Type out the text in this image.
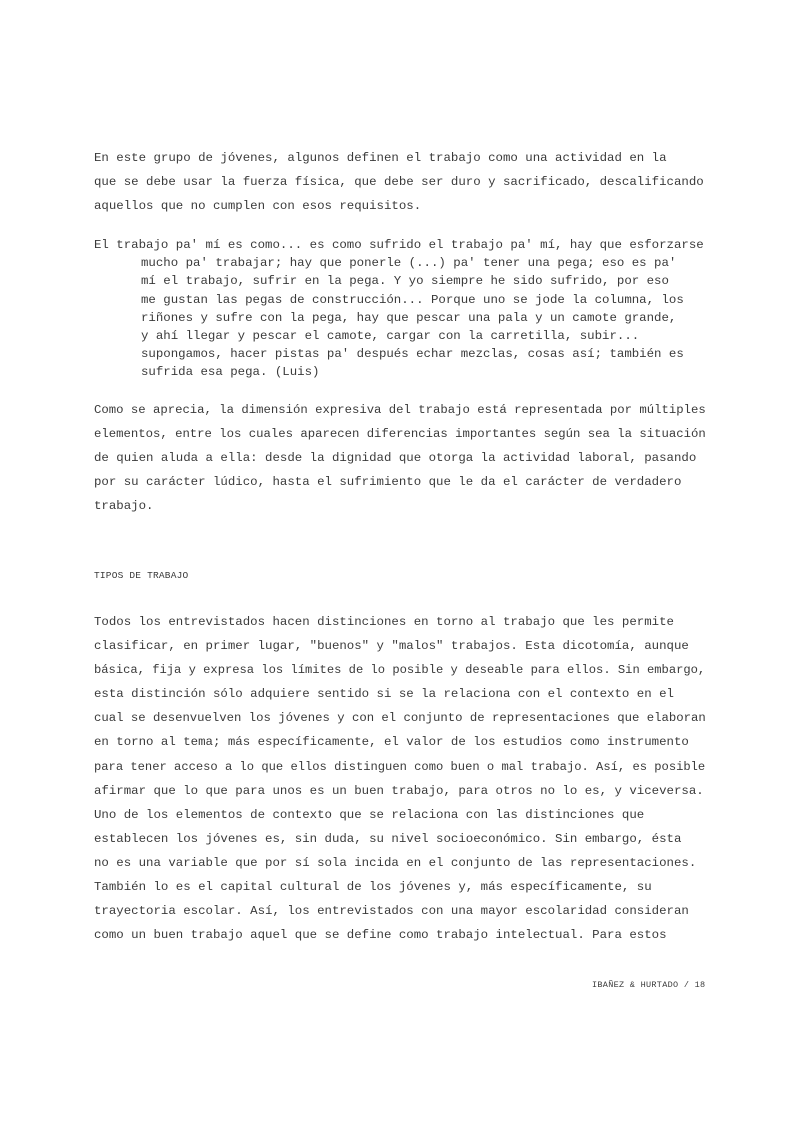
En este grupo de jóvenes, algunos definen el trabajo como una actividad en la
que se debe usar la fuerza física, que debe ser duro y sacrificado, descalificando
aquellos que no cumplen con esos requisitos.
El trabajo pa' mí es como... es como sufrido el trabajo pa' mí, hay que esforzarse
mucho pa' trabajar; hay que ponerle (...) pa' tener una pega; eso es pa'
mí el trabajo, sufrir en la pega. Y yo siempre he sido sufrido, por eso
me gustan las pegas de construcción... Porque uno se jode la columna, los
riñones y sufre con la pega, hay que pescar una pala y un camote grande,
y ahí llegar y pescar el camote, cargar con la carretilla, subir...
supongamos, hacer pistas pa' después echar mezclas, cosas así; también es
sufrida esa pega. (Luis)
Como se aprecia, la dimensión expresiva del trabajo está representada por múltiples
elementos, entre los cuales aparecen diferencias importantes según sea la situación
de quien aluda a ella: desde la dignidad que otorga la actividad laboral, pasando
por su carácter lúdico, hasta el sufrimiento que le da el carácter de verdadero
trabajo.
TIPOS DE TRABAJO
Todos los entrevistados hacen distinciones en torno al trabajo que les permite
clasificar, en primer lugar, "buenos" y "malos" trabajos. Esta dicotomía, aunque
básica, fija y expresa los límites de lo posible y deseable para ellos. Sin embargo,
esta distinción sólo adquiere sentido si se la relaciona con el contexto en el
cual se desenvuelven los jóvenes y con el conjunto de representaciones que elaboran
en torno al tema; más específicamente, el valor de los estudios como instrumento
para tener acceso a lo que ellos distinguen como buen o mal trabajo. Así, es posible
afirmar que lo que para unos es un buen trabajo, para otros no lo es, y viceversa.
Uno de los elementos de contexto que se relaciona con las distinciones que
establecen los jóvenes es, sin duda, su nivel socioeconómico. Sin embargo, ésta
no es una variable que por sí sola incida en el conjunto de las representaciones.
También lo es el capital cultural de los jóvenes y, más específicamente, su
trayectoria escolar. Así, los entrevistados con una mayor escolaridad consideran
como un buen trabajo aquel que se define como trabajo intelectual. Para estos
IBAÑEZ & HURTADO / 18
